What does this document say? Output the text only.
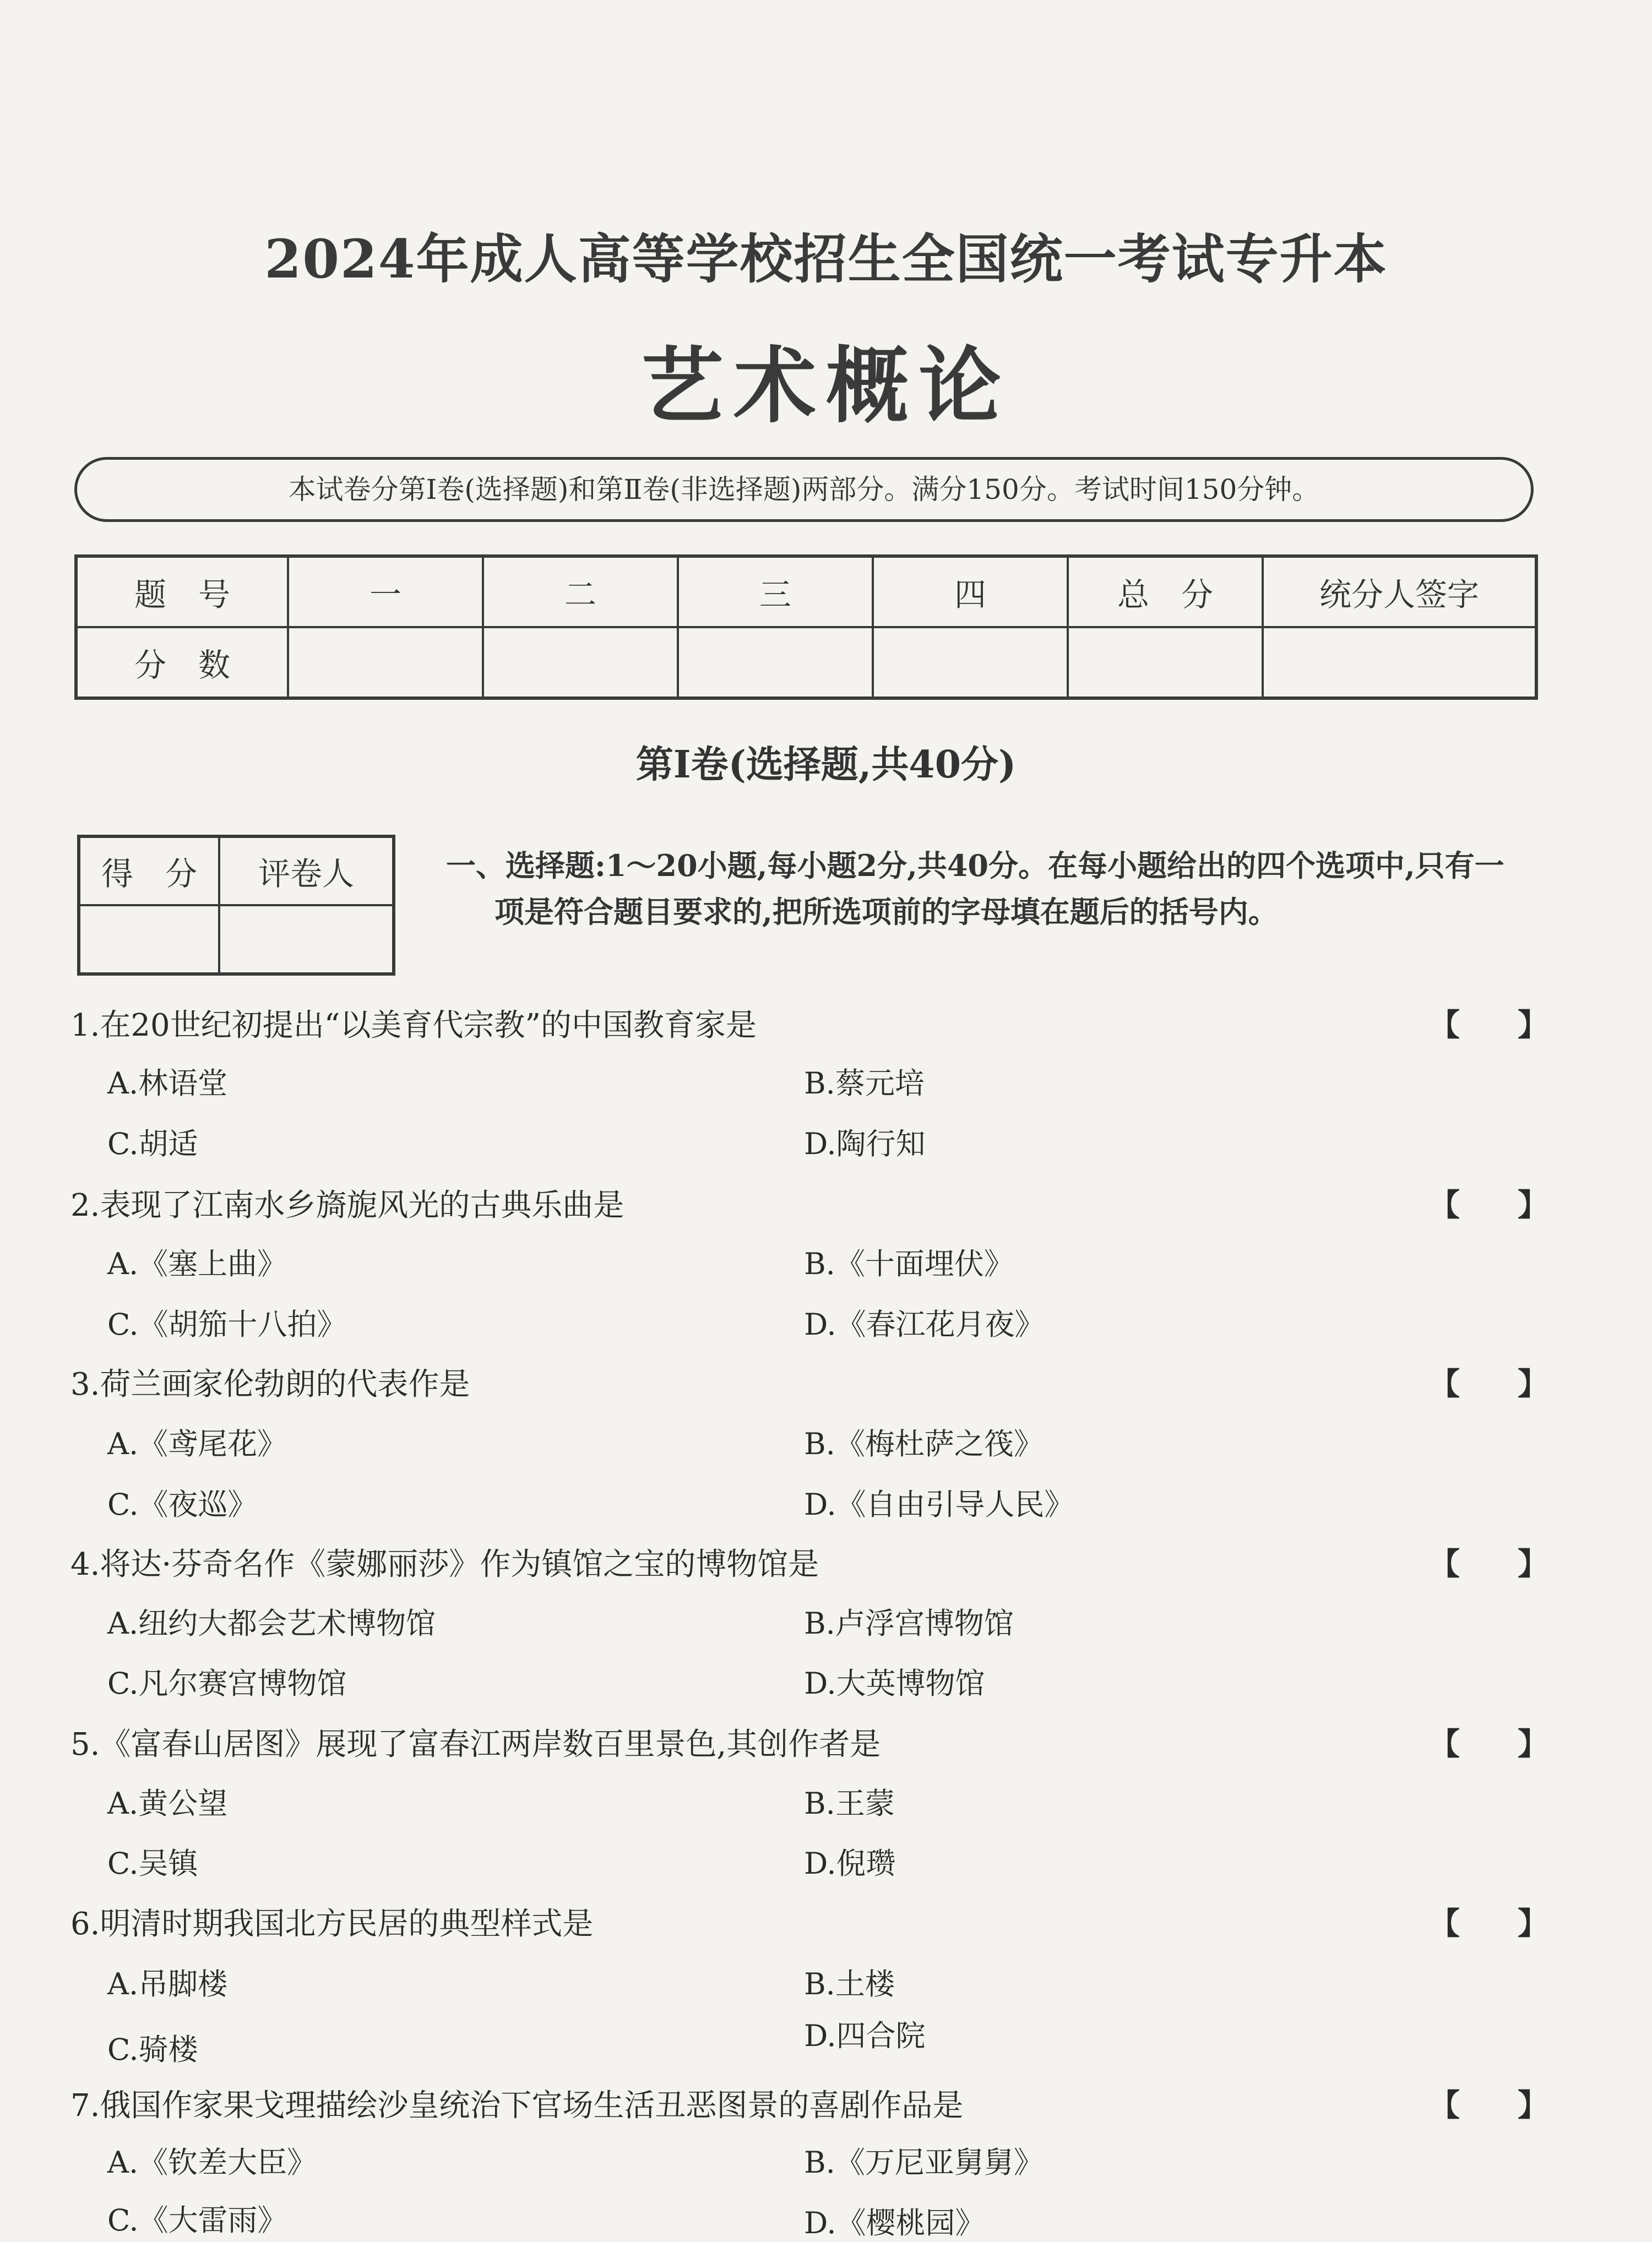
2024年成人高等学校招生全国统一考试专升本
艺术概论
本试卷分第Ⅰ卷(选择题)和第Ⅱ卷(非选择题)两部分。满分150分。考试时间150分钟。
题　号	一	二	三	四	总　分	统分人签字
分　数						
第Ⅰ卷(选择题,共40分)
得　分	评卷人
		一、选择题:1～20小题,每小题2分,共40分。在每小题给出的四个选项中,只有一项是符合题目要求的,把所选项前的字母填在题后的括号内。
1.在20世纪初提出“以美育代宗教”的中国教育家是	【】
A.林语堂	B.蔡元培
C.胡适	D.陶行知
2.表现了江南水乡旖旎风光的古典乐曲是	【】
A.《塞上曲》	B.《十面埋伏》
C.《胡笳十八拍》	D.《春江花月夜》
3.荷兰画家伦勃朗的代表作是	【】
A.《鸢尾花》	B.《梅杜萨之筏》
C.《夜巡》	D.《自由引导人民》
4.将达·芬奇名作《蒙娜丽莎》作为镇馆之宝的博物馆是	【】
A.纽约大都会艺术博物馆	B.卢浮宫博物馆
C.凡尔赛宫博物馆	D.大英博物馆
5.《富春山居图》展现了富春江两岸数百里景色,其创作者是	【】
A.黄公望	B.王蒙
C.吴镇	D.倪瓒
6.明清时期我国北方民居的典型样式是	【】
A.吊脚楼	B.土楼
C.骑楼	D.四合院
7.俄国作家果戈理描绘沙皇统治下官场生活丑恶图景的喜剧作品是	【】
A.《钦差大臣》	B.《万尼亚舅舅》
C.《大雷雨》	D.《樱桃园》
